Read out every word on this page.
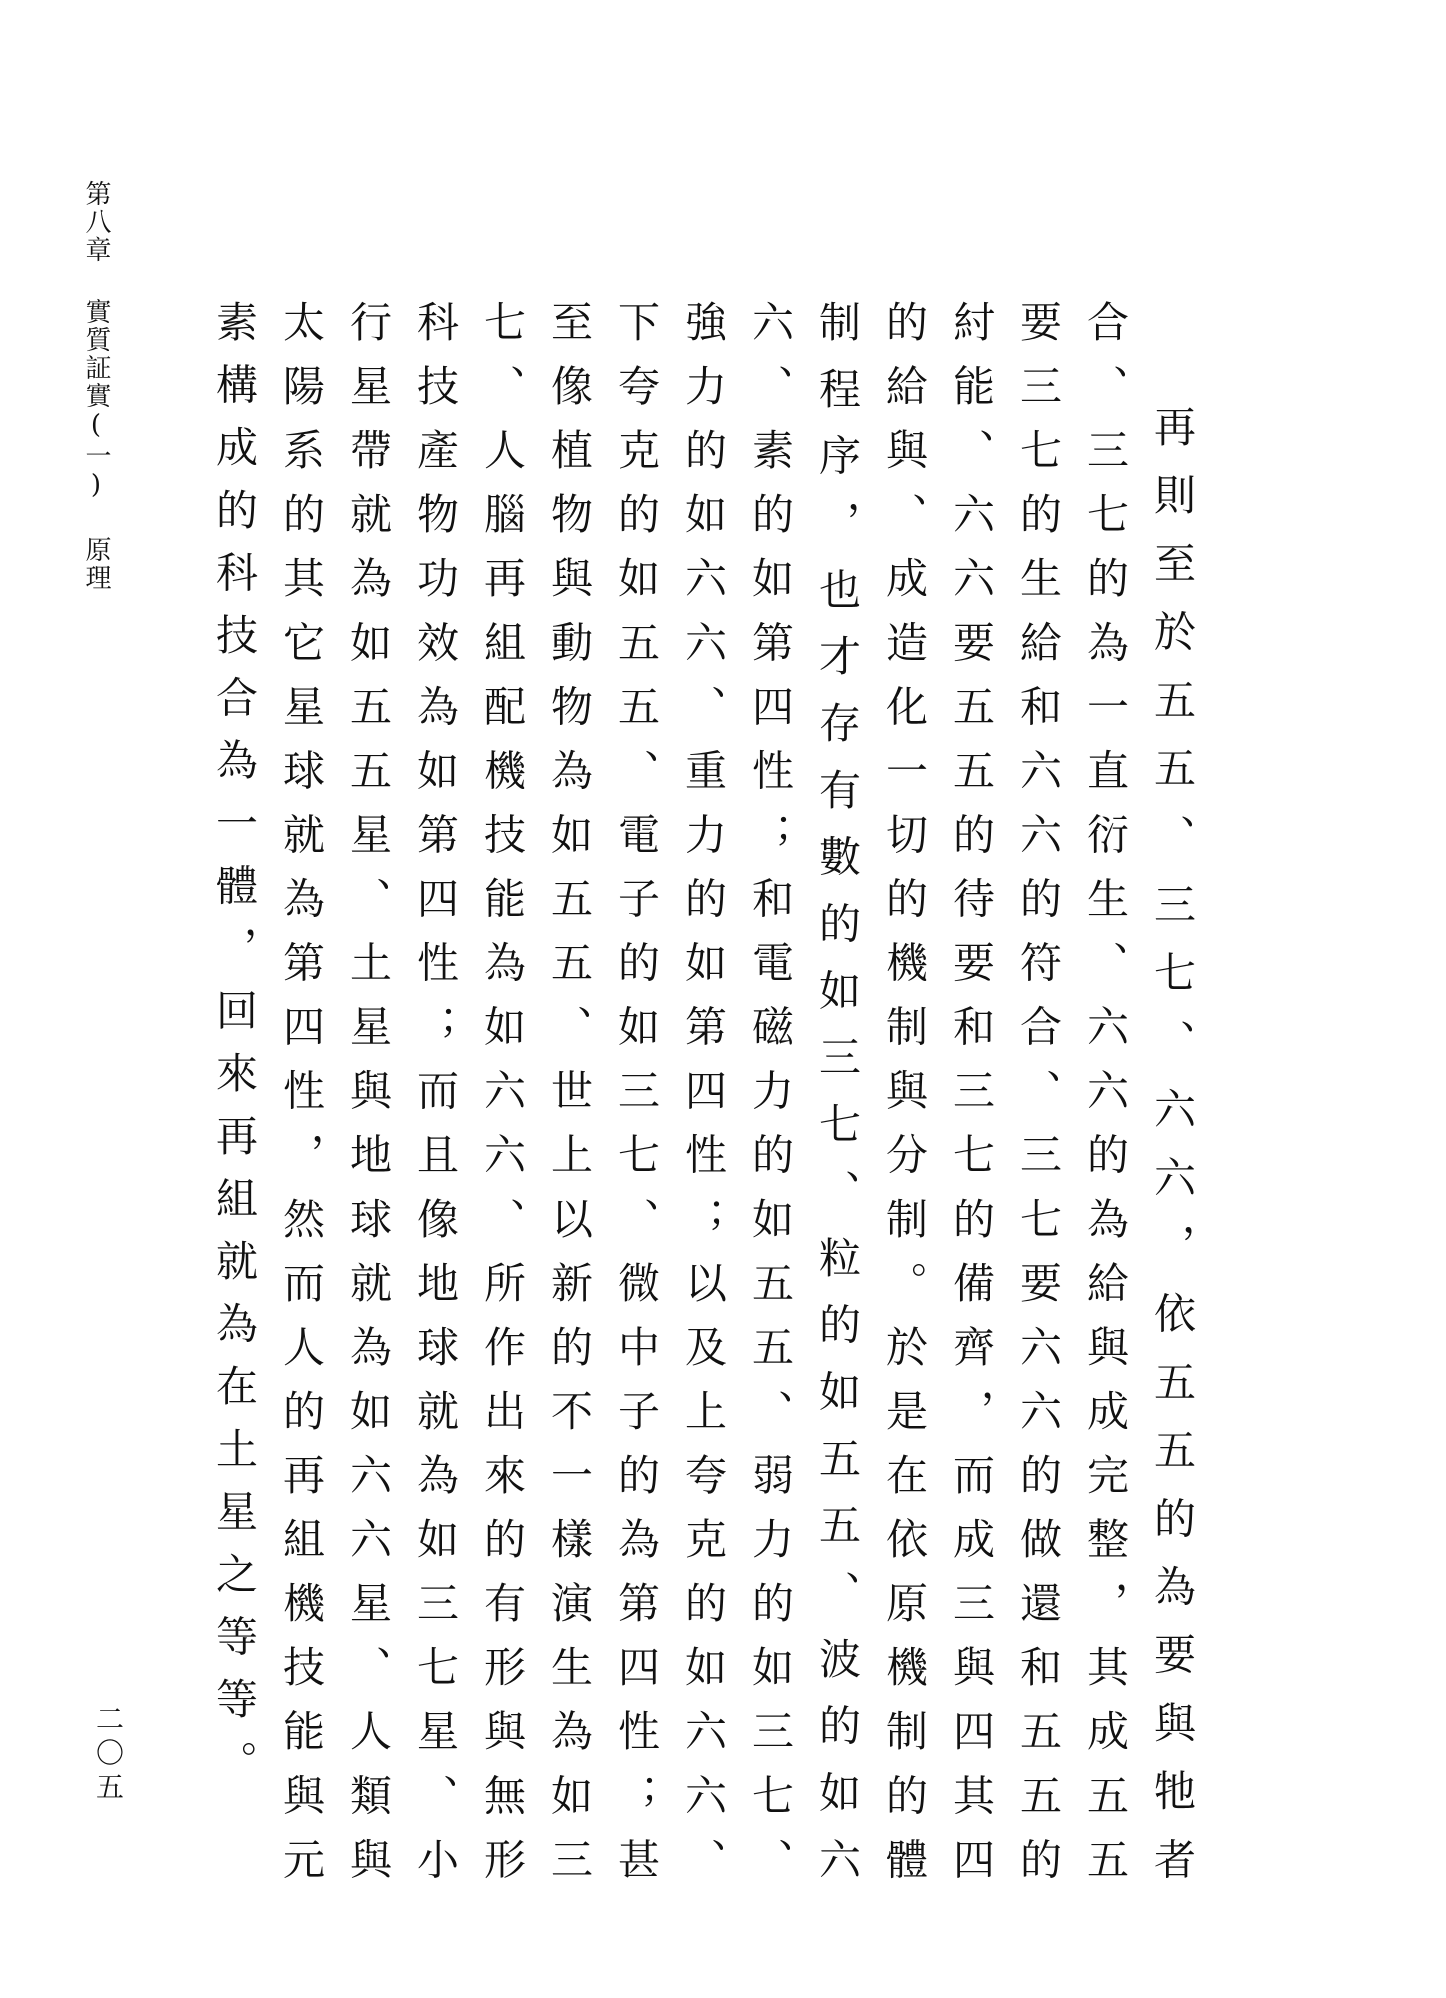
第八章實質証實(一)原理	再則至於五五、三七、六六，依五五的為要與牠者合、三七的為一直衍生、六六的為給與成完整，其成五五要三七的生給和六六的符合、三七要六六的做還和五五的紂能、六六要五五的待要和三七的備齊，而成三與四其四的給與、成造化一切的機制與分制。於是在依原機制的體制程序，也才存有數的如三七、粒的如五五、波的如六六、素的如第四性；和電磁力的如五五、弱力的如三七、強力的如六六、重力的如第四性；以及上夸克的如六六、下夸克的如五五、電子的如三七、微中子的為第四性；甚至像植物與動物為如五五、世上以新的不一樣演生為如三七、人腦再組配機技能為如六六、所作出來的有形與無形科技產物功效為如第四性；而且像地球就為如三七星、小行星帶就為如五五星、土星與地球就為如六六星、人類與太陽系的其它星球就為第四性，然而人的再組機技能與元素構成的科技合為一體，回來再組就為在土星之等等。

二〇五
